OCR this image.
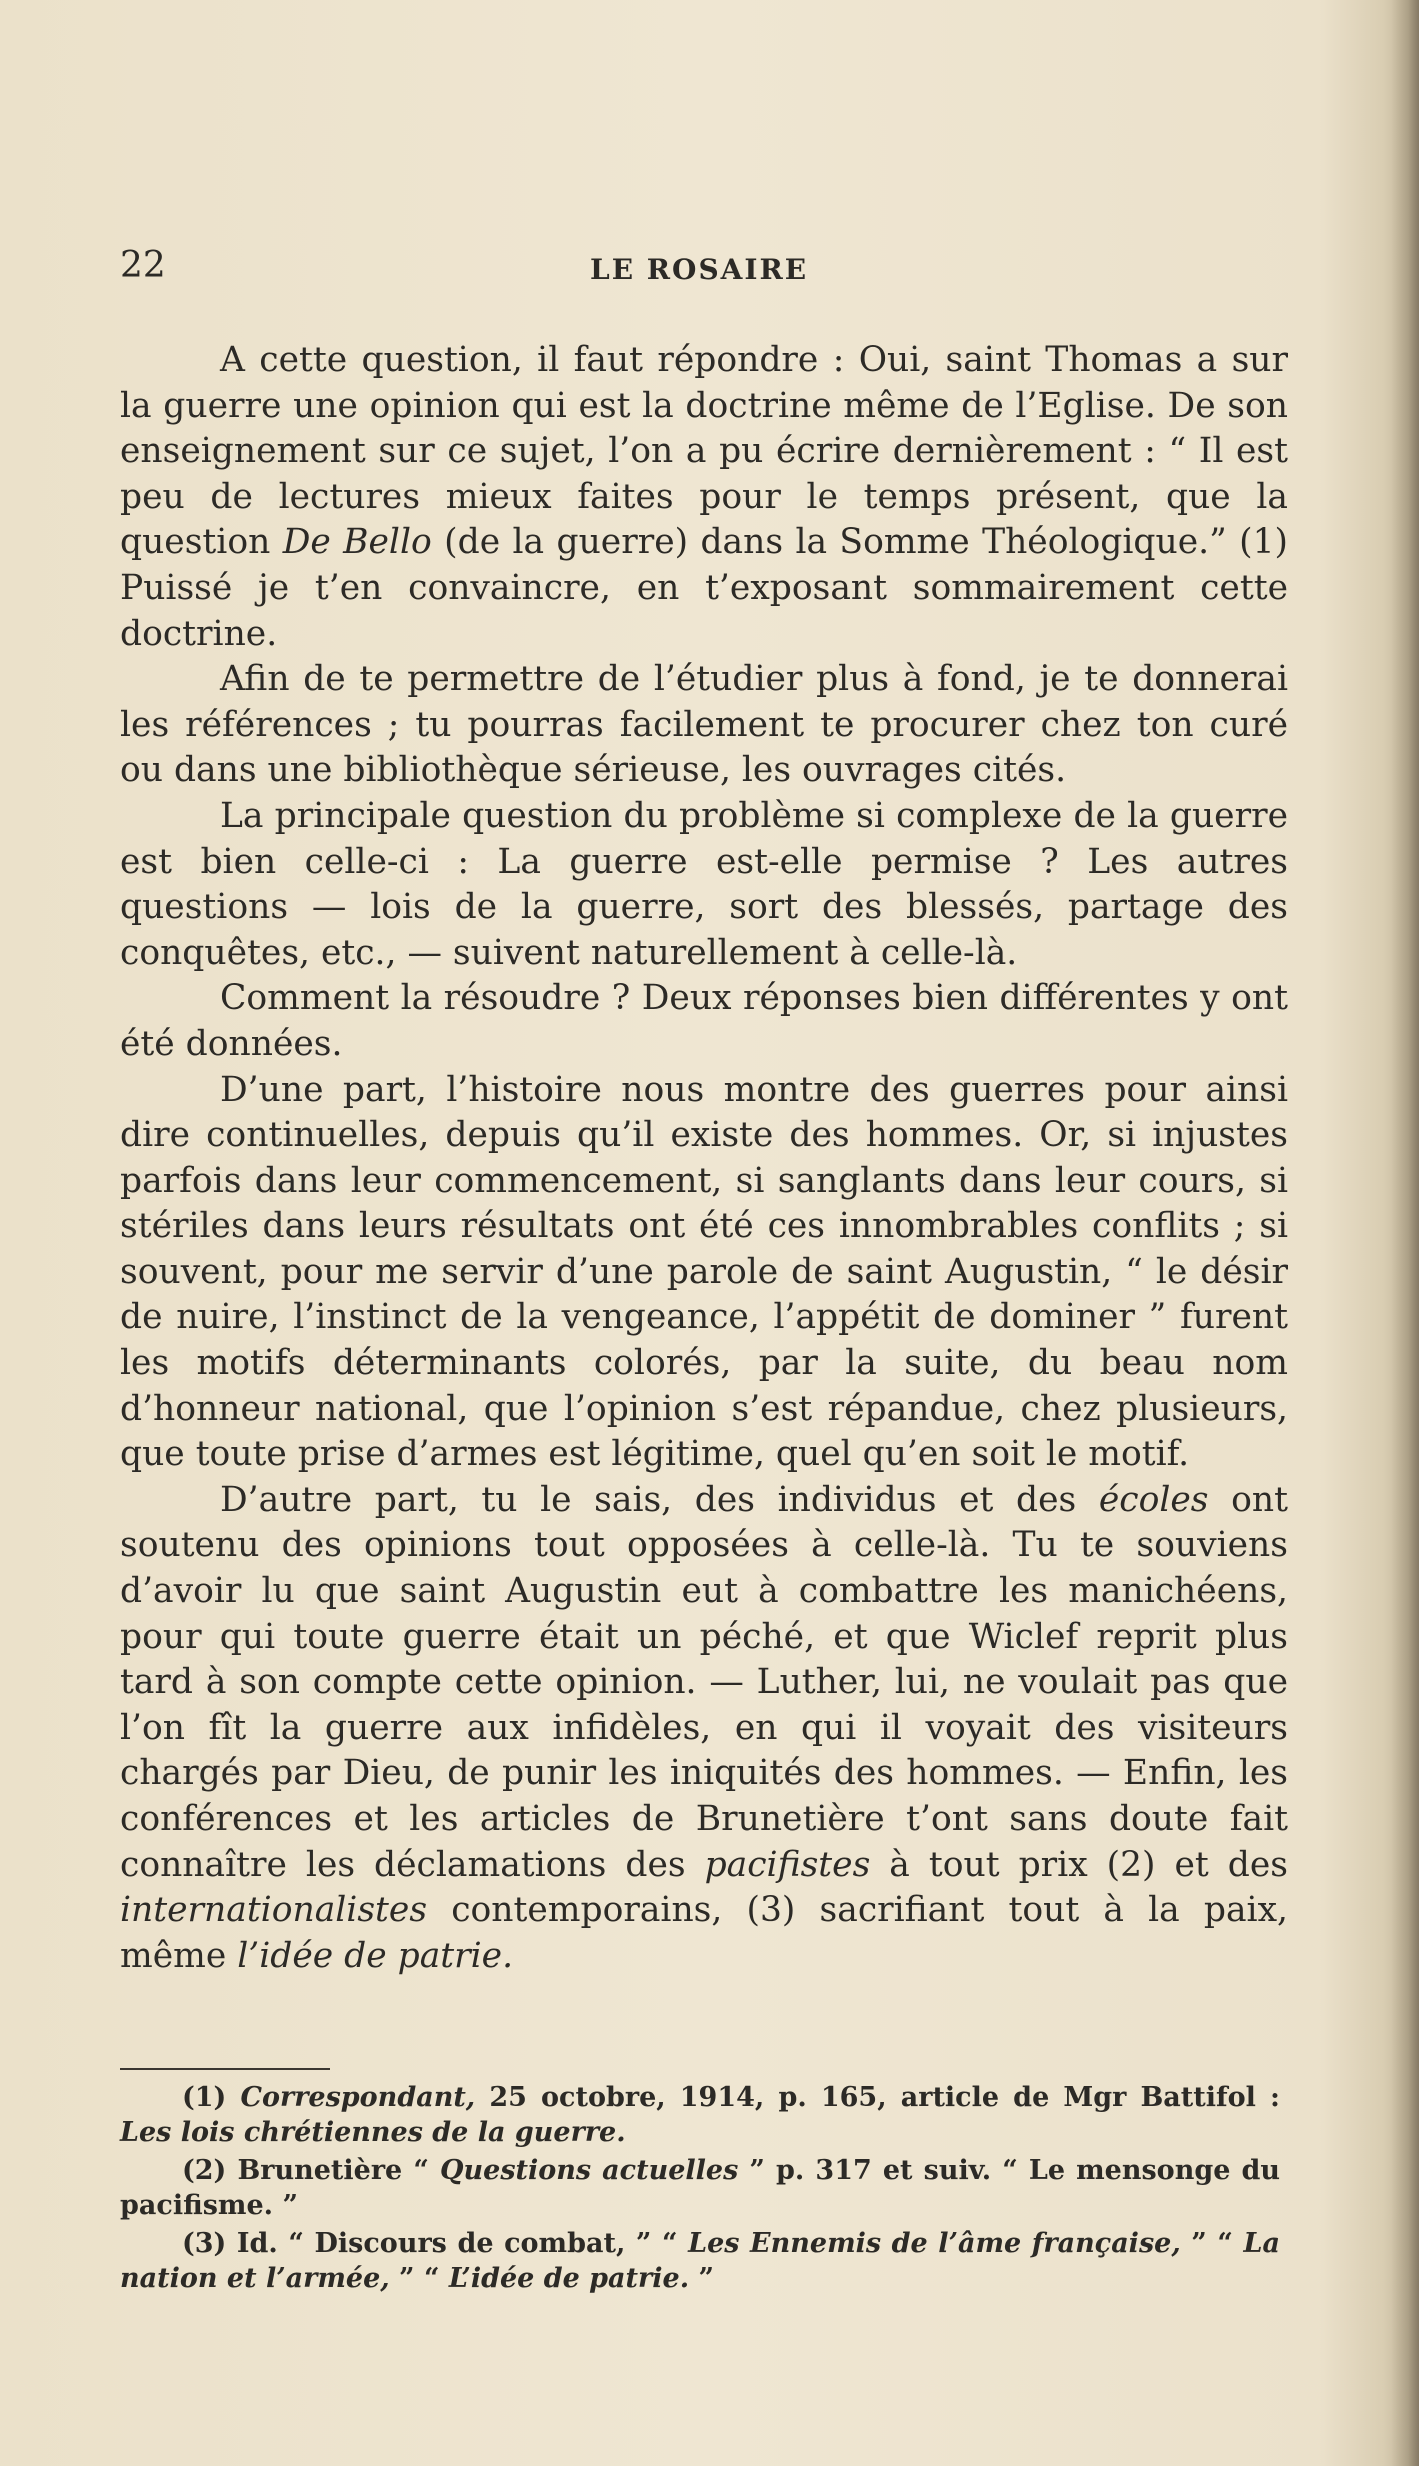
22	LE ROSAIRE

A cette question, il faut répondre : Oui, saint Thomas a sur la guerre une opinion qui est la doctrine même de l’Eglise. De son enseignement sur ce sujet, l’on a pu écrire dernièrement : “ Il est peu de lectures mieux faites pour le temps présent, que la question De Bello (de la guerre) dans la Somme Théologique.” (1) Puissé je t’en convaincre, en t’exposant sommairement cette doctrine.

Afin de te permettre de l’étudier plus à fond, je te donnerai les références ; tu pourras facilement te procurer chez ton curé ou dans une bibliothèque sérieuse, les ouvrages cités.

La principale question du problème si complexe de la guerre est bien celle-ci : La guerre est-elle permise ? Les autres questions — lois de la guerre, sort des blessés, partage des conquêtes, etc., — suivent naturellement à celle-là.

Comment la résoudre ? Deux réponses bien différentes y ont été données.

D’une part, l’histoire nous montre des guerres pour ainsi dire continuelles, depuis qu’il existe des hommes. Or, si injustes parfois dans leur commencement, si sanglants dans leur cours, si stériles dans leurs résultats ont été ces innombrables conflits ; si souvent, pour me servir d’une parole de saint Augustin, “ le désir de nuire, l’instinct de la vengeance, l’appétit de dominer ” furent les motifs déterminants colorés, par la suite, du beau nom d’honneur national, que l’opinion s’est répandue, chez plusieurs, que toute prise d’armes est légitime, quel qu’en soit le motif.

D’autre part, tu le sais, des individus et des écoles ont soutenu des opinions tout opposées à celle-là. Tu te souviens d’avoir lu que saint Augustin eut à combattre les manichéens, pour qui toute guerre était un péché, et que Wiclef reprit plus tard à son compte cette opinion. — Luther, lui, ne voulait pas que l’on fît la guerre aux infidèles, en qui il voyait des visiteurs chargés par Dieu, de punir les iniquités des hommes. — Enfin, les conférences et les articles de Brunetière t’ont sans doute fait connaître les déclamations des pacifistes à tout prix (2) et des internationalistes contemporains, (3) sacrifiant tout à la paix, même l’idée de patrie.

(1) Correspondant, 25 octobre, 1914, p. 165, article de Mgr Battifol : Les lois chrétiennes de la guerre.

(2) Brunetière “ Questions actuelles ” p. 317 et suiv. “ Le mensonge du pacifisme. ”

(3) Id. “ Discours de combat, ” “ Les Ennemis de l’âme française, ” “ La nation et l’armée, ” “ L’idée de patrie. ”
